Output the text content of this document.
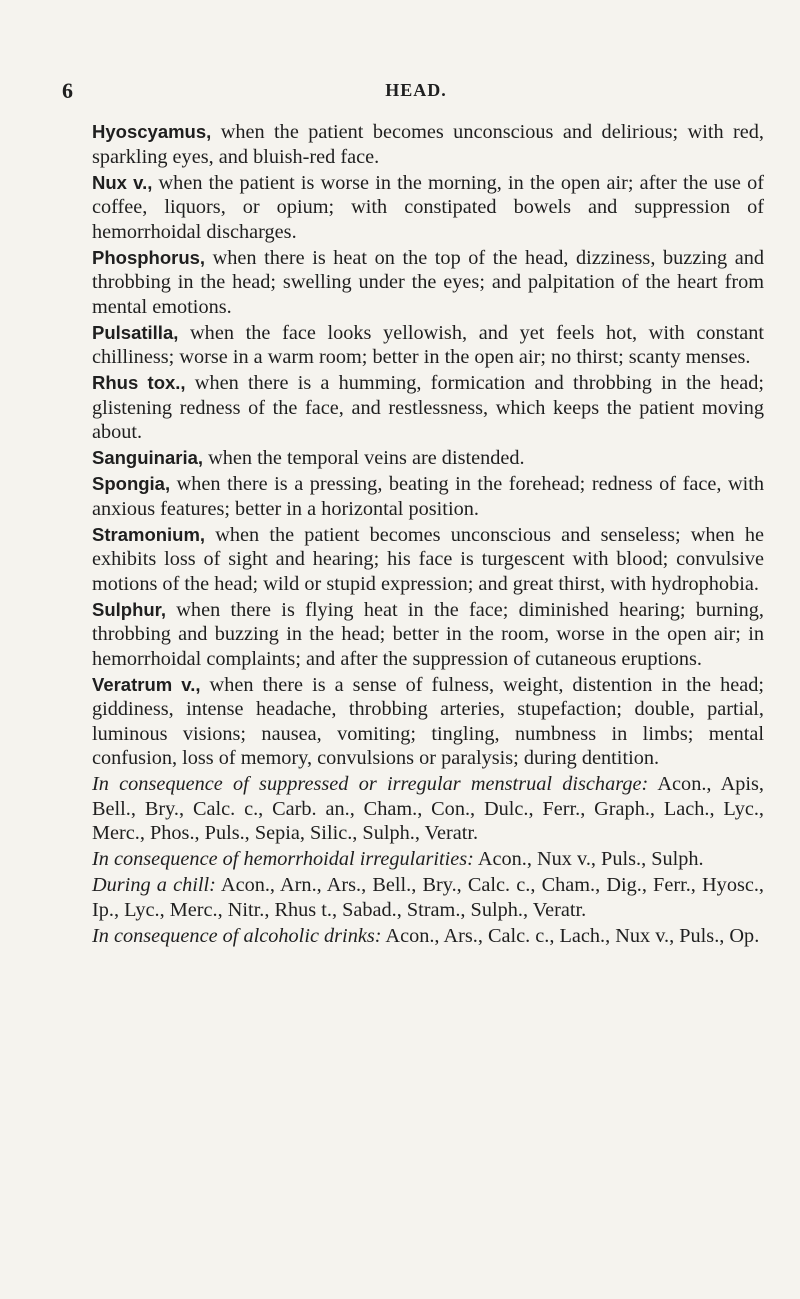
6	HEAD.

Hyoscyamus, when the patient becomes unconscious and delirious; with red, sparkling eyes, and bluish-red face.

Nux v., when the patient is worse in the morning, in the open air; after the use of coffee, liquors, or opium; with constipated bowels and suppression of hemorrhoidal discharges.

Phosphorus, when there is heat on the top of the head, dizziness, buzzing and throbbing in the head; swelling under the eyes; and palpitation of the heart from mental emotions.

Pulsatilla, when the face looks yellowish, and yet feels hot, with constant chilliness; worse in a warm room; better in the open air; no thirst; scanty menses.

Rhus tox., when there is a humming, formication and throbbing in the head; glistening redness of the face, and restlessness, which keeps the patient moving about.

Sanguinaria, when the temporal veins are distended.

Spongia, when there is a pressing, beating in the forehead; redness of face, with anxious features; better in a horizontal position.

Stramonium, when the patient becomes unconscious and senseless; when he exhibits loss of sight and hearing; his face is turgescent with blood; convulsive motions of the head; wild or stupid expression; and great thirst, with hydrophobia.

Sulphur, when there is flying heat in the face; diminished hearing; burning, throbbing and buzzing in the head; better in the room, worse in the open air; in hemorrhoidal complaints; and after the suppression of cutaneous eruptions.

Veratrum v., when there is a sense of fulness, weight, distention in the head; giddiness, intense headache, throbbing arteries, stupefaction; double, partial, luminous visions; nausea, vomiting; tingling, numbness in limbs; mental confusion, loss of memory, convulsions or paralysis; during dentition.

In consequence of suppressed or irregular menstrual discharge: Acon., Apis, Bell., Bry., Calc. c., Carb. an., Cham., Con., Dulc., Ferr., Graph., Lach., Lyc., Merc., Phos., Puls., Sepia, Silic., Sulph., Veratr.

In consequence of hemorrhoidal irregularities: Acon., Nux v., Puls., Sulph.

During a chill: Acon., Arn., Ars., Bell., Bry., Calc. c., Cham., Dig., Ferr., Hyosc., Ip., Lyc., Merc., Nitr., Rhus t., Sabad., Stram., Sulph., Veratr.

In consequence of alcoholic drinks: Acon., Ars., Calc. c., Lach., Nux v., Puls., Op.
